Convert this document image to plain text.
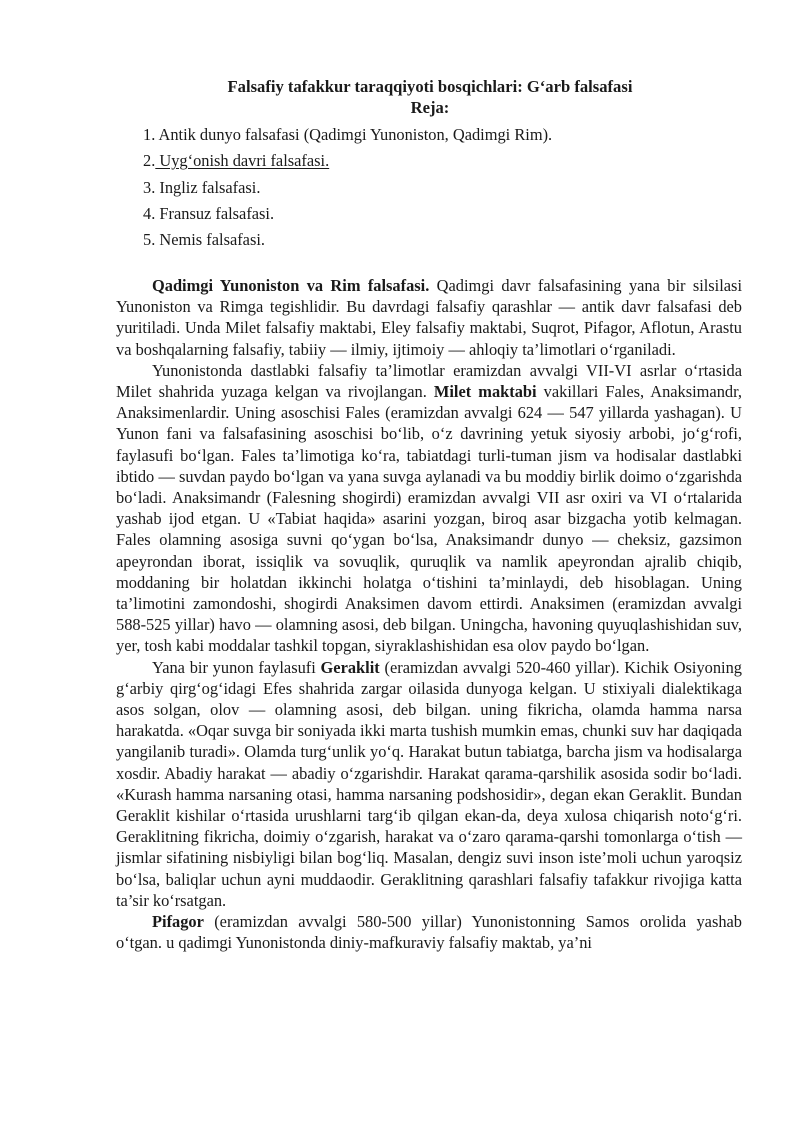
Falsafiy tafakkur taraqqiyoti bosqichlari: G‘arb falsafasi
Reja:
1. Antik dunyo falsafasi (Qadimgi Yunoniston, Qadimgi Rim).
2. Uyg‘onish davri falsafasi.
3. Ingliz falsafasi.
4. Fransuz falsafasi.
5. Nemis falsafasi.

Qadimgi Yunoniston va Rim falsafasi. Qadimgi davr falsafasining yana bir silsilasi Yunoniston va Rimga tegishlidir. Bu davrdagi falsafiy qarashlar — antik davr falsafasi deb yuritiladi. Unda Milet falsafiy maktabi, Eley falsafiy maktabi, Suqrot, Pifagor, Aflotun, Arastu va boshqalarning falsafiy, tabiiy — ilmiy, ijtimoiy — ahloqiy ta’limotlari o‘rganiladi.

Yunonistonda dastlabki falsafiy ta’limotlar eramizdan avvalgi VII-VI asrlar o‘rtasida Milet shahrida yuzaga kelgan va rivojlangan. Milet maktabi vakillari Fales, Anaksimandr, Anaksimenlardir. Uning asoschisi Fales (eramizdan avvalgi 624 — 547 yillarda yashagan). U Yunon fani va falsafasining asoschisi bo‘lib, o‘z davrining yetuk siyosiy arbobi, jo‘g‘rofi, faylasufi bo‘lgan. Fales ta’limotiga ko‘ra, tabiatdagi turli-tuman jism va hodisalar dastlabki ibtido — suvdan paydo bo‘lgan va yana suvga aylanadi va bu moddiy birlik doimo o‘zgarishda bo‘ladi. Anaksimandr (Falesning shogirdi) eramizdan avvalgi VII asr oxiri va VI o‘rtalarida yashab ijod etgan. U «Tabiat haqida» asarini yozgan, biroq asar bizgacha yotib kelmagan. Fales olamning asosiga suvni qo‘ygan bo‘lsa, Anaksimandr dunyo — cheksiz, gazsimon apeyrondan iborat, issiqlik va sovuqlik, quruqlik va namlik apeyrondan ajralib chiqib, moddaning bir holatdan ikkinchi holatga o‘tishini ta’minlaydi, deb hisoblagan. Uning ta’limotini zamondoshi, shogirdi Anaksimen davom ettirdi. Anaksimen (eramizdan avvalgi 588-525 yillar) havo — olamning asosi, deb bilgan. Uningcha, havoning quyuqlashishidan suv, yer, tosh kabi moddalar tashkil topgan, siyraklashishidan esa olov paydo bo‘lgan.

Yana bir yunon faylasufi Geraklit (eramizdan avvalgi 520-460 yillar). Kichik Osiyoning g‘arbiy qirg‘og‘idagi Efes shahrida zargar oilasida dunyoga kelgan. U stixiyali dialektikaga asos solgan, olov — olamning asosi, deb bilgan. uning fikricha, olamda hamma narsa harakatda. «Oqar suvga bir soniyada ikki marta tushish mumkin emas, chunki suv har daqiqada yangilanib turadi». Olamda turg‘unlik yo‘q. Harakat butun tabiatga, barcha jism va hodisalarga xosdir. Abadiy harakat — abadiy o‘zgarishdir. Harakat qarama-qarshilik asosida sodir bo‘ladi. «Kurash hamma narsaning otasi, hamma narsaning podshosidir», degan ekan Geraklit. Bundan Geraklit kishilar o‘rtasida urushlarni targ‘ib qilgan ekan-da, deya xulosa chiqarish noto‘g‘ri. Geraklitning fikricha, doimiy o‘zgarish, harakat va o‘zaro qarama-qarshi tomonlarga o‘tish — jismlar sifatining nisbiyligi bilan bog‘liq. Masalan, dengiz suvi inson iste’moli uchun yaroqsiz bo‘lsa, baliqlar uchun ayni muddaodir. Geraklitning qarashlari falsafiy tafakkur rivojiga katta ta’sir ko‘rsatgan.

Pifagor (eramizdan avvalgi 580-500 yillar) Yunonistonning Samos orolida yashab o‘tgan. u qadimgi Yunonistonda diniy-mafkuraviy falsafiy maktab, ya’ni
